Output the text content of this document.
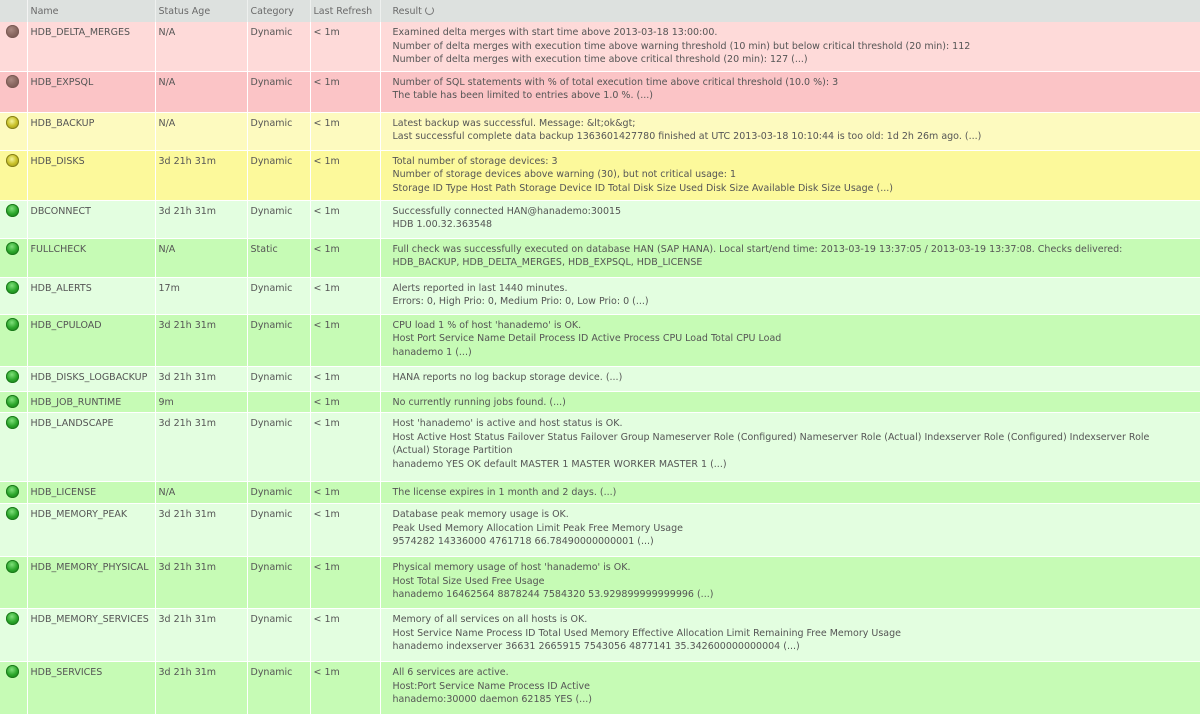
	Name	Status Age	Category	Last Refresh	Result
	HDB_DELTA_MERGES	N/A	Dynamic	< 1m	Examined delta merges with start time above 2013-03-18 13:00:00.
Number of delta merges with execution time above warning threshold (10 min) but below critical threshold (20 min): 112
Number of delta merges with execution time above critical threshold (20 min): 127 (...)

	HDB_EXPSQL	N/A	Dynamic	< 1m	Number of SQL statements with % of total execution time above critical threshold (10.0 %): 3
The table has been limited to entries above 1.0 %. (...)

	HDB_BACKUP	N/A	Dynamic	< 1m	Latest backup was successful. Message: &lt;ok&gt;
Last successful complete data backup 1363601427780 finished at UTC 2013-03-18 10:10:44 is too old: 1d 2h 26m ago. (...)

	HDB_DISKS	3d 21h 31m	Dynamic	< 1m	Total number of storage devices: 3
Number of storage devices above warning (30), but not critical usage: 1
Storage ID Type Host Path Storage Device ID Total Disk Size Used Disk Size Available Disk Size Usage (...)

	DBCONNECT	3d 21h 31m	Dynamic	< 1m	Successfully connected HAN@hanademo:30015
HDB 1.00.32.363548

	FULLCHECK	N/A	Static	< 1m	Full check was successfully executed on database HAN (SAP HANA). Local start/end time: 2013-03-19 13:37:05 / 2013-03-19 13:37:08. Checks delivered: HDB_BACKUP, HDB_DELTA_MERGES, HDB_EXPSQL, HDB_LICENSE

	HDB_ALERTS	17m	Dynamic	< 1m	Alerts reported in last 1440 minutes.
Errors: 0, High Prio: 0, Medium Prio: 0, Low Prio: 0 (...)

	HDB_CPULOAD	3d 21h 31m	Dynamic	< 1m	CPU load 1 % of host 'hanademo' is OK.
Host Port Service Name Detail Process ID Active Process CPU Load Total CPU Load
hanademo 1 (...)

	HDB_DISKS_LOGBACKUP	3d 21h 31m	Dynamic	< 1m	HANA reports no log backup storage device. (...)

	HDB_JOB_RUNTIME	9m		< 1m	No currently running jobs found. (...)

	HDB_LANDSCAPE	3d 21h 31m	Dynamic	< 1m	Host 'hanademo' is active and host status is OK.
Host Active Host Status Failover Status Failover Group Nameserver Role (Configured) Nameserver Role (Actual) Indexserver Role (Configured) Indexserver Role (Actual) Storage Partition
hanademo YES OK default MASTER 1 MASTER WORKER MASTER 1 (...)

	HDB_LICENSE	N/A	Dynamic	< 1m	The license expires in 1 month and 2 days. (...)

	HDB_MEMORY_PEAK	3d 21h 31m	Dynamic	< 1m	Database peak memory usage is OK.
Peak Used Memory Allocation Limit Peak Free Memory Usage
9574282 14336000 4761718 66.78490000000001 (...)

	HDB_MEMORY_PHYSICAL	3d 21h 31m	Dynamic	< 1m	Physical memory usage of host 'hanademo' is OK.
Host Total Size Used Free Usage
hanademo 16462564 8878244 7584320 53.929899999999996 (...)

	HDB_MEMORY_SERVICES	3d 21h 31m	Dynamic	< 1m	Memory of all services on all hosts is OK.
Host Service Name Process ID Total Used Memory Effective Allocation Limit Remaining Free Memory Usage
hanademo indexserver 36631 2665915 7543056 4877141 35.342600000000004 (...)

	HDB_SERVICES	3d 21h 31m	Dynamic	< 1m	All 6 services are active.
Host:Port Service Name Process ID Active
hanademo:30000 daemon 62185 YES (...)
